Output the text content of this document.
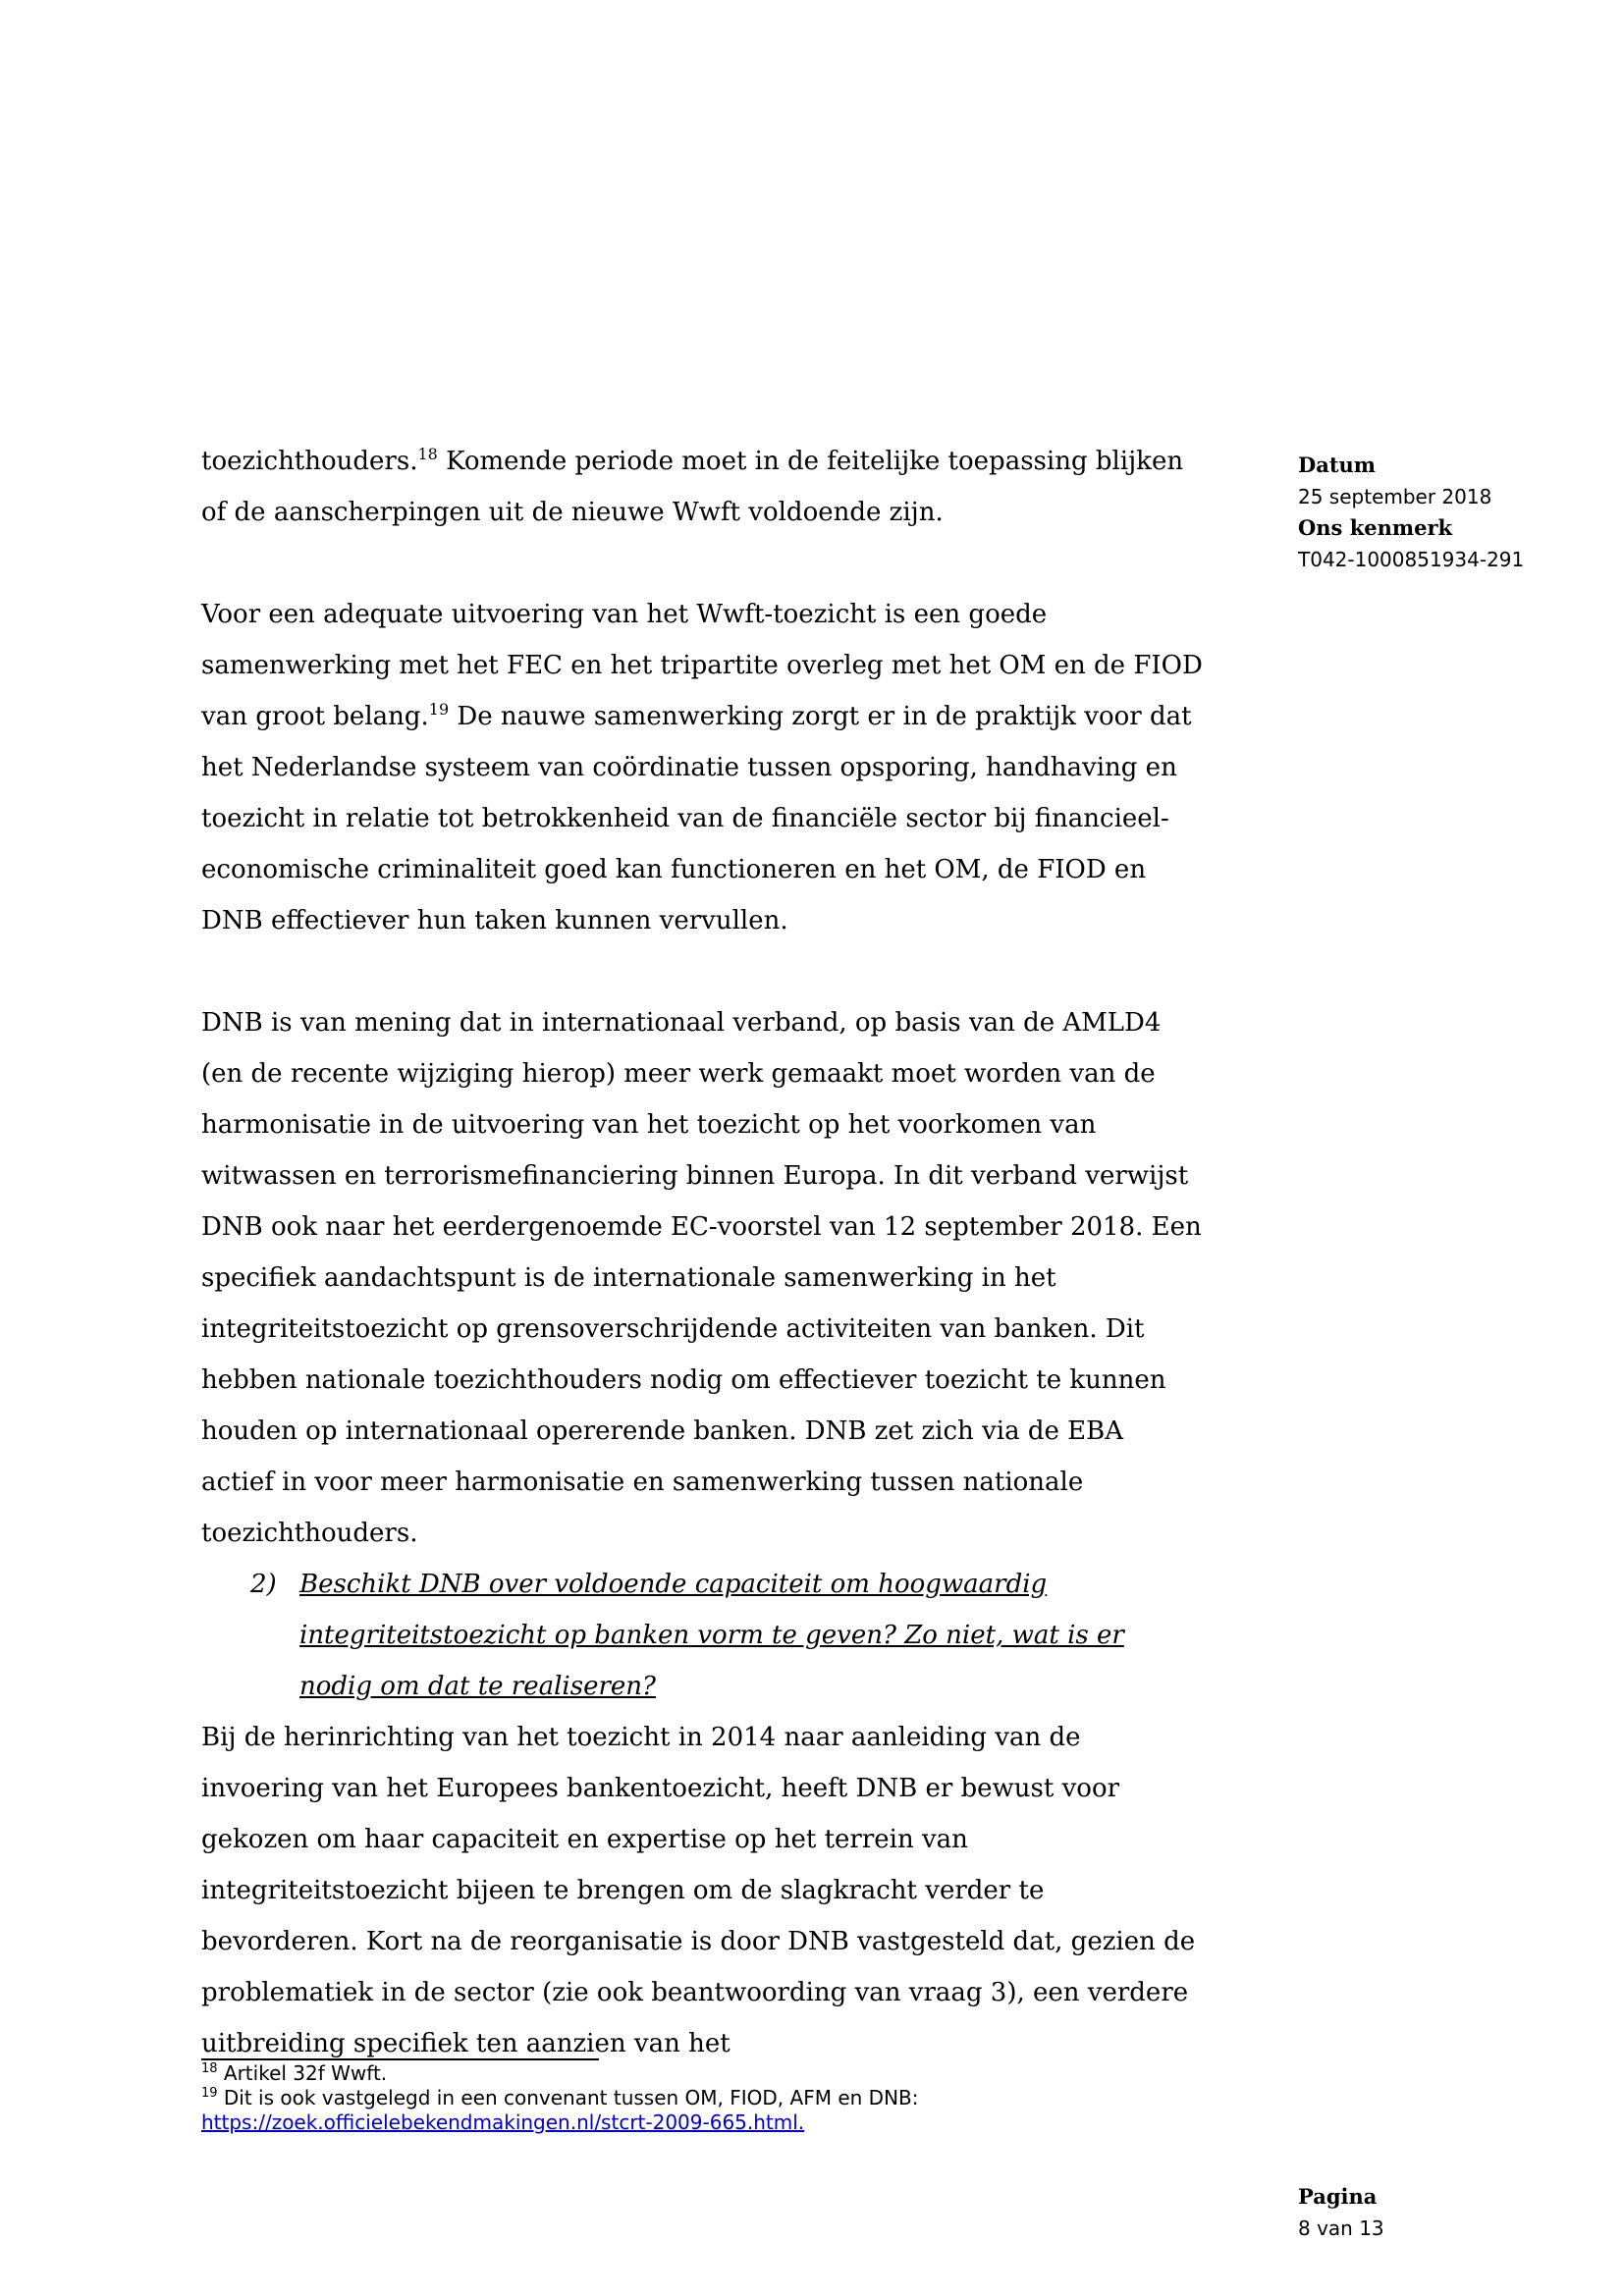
Datum
25 september 2018
Ons kenmerk
T042-1000851934-291

toezichthouders.$^{18}$ Komende periode moet in de feitelijke toepassing blijken of de aanscherpingen uit de nieuwe Wwft voldoende zijn.

Voor een adequate uitvoering van het Wwft-toezicht is een goede samenwerking met het FEC en het tripartite overleg met het OM en de FIOD van groot belang.$^{19}$ De nauwe samenwerking zorgt er in de praktijk voor dat het Nederlandse systeem van coördinatie tussen opsporing, handhaving en toezicht in relatie tot betrokkenheid van de financiële sector bij financieel-economische criminaliteit goed kan functioneren en het OM, de FIOD en DNB effectiever hun taken kunnen vervullen.

DNB is van mening dat in internationaal verband, op basis van de AMLD4 (en de recente wijziging hierop) meer werk gemaakt moet worden van de harmonisatie in de uitvoering van het toezicht op het voorkomen van witwassen en terrorismefinanciering binnen Europa. In dit verband verwijst DNB ook naar het eerdergenoemde EC-voorstel van 12 september 2018. Een specifiek aandachtspunt is de internationale samenwerking in het integriteitstoezicht op grensoverschrijdende activiteiten van banken. Dit hebben nationale toezichthouders nodig om effectiever toezicht te kunnen houden op internationaal opererende banken. DNB zet zich via de EBA actief in voor meer harmonisatie en samenwerking tussen nationale toezichthouders.

2) Beschikt DNB over voldoende capaciteit om hoogwaardig integriteitstoezicht op banken vorm te geven? Zo niet, wat is er nodig om dat te realiseren?

Bij de herinrichting van het toezicht in 2014 naar aanleiding van de invoering van het Europees bankentoezicht, heeft DNB er bewust voor gekozen om haar capaciteit en expertise op het terrein van integriteitstoezicht bijeen te brengen om de slagkracht verder te bevorderen. Kort na de reorganisatie is door DNB vastgesteld dat, gezien de problematiek in de sector (zie ook beantwoording van vraag 3), een verdere uitbreiding specifiek ten aanzien van het

$^{18}$ Artikel 32f Wwft.
$^{19}$ Dit is ook vastgelegd in een convenant tussen OM, FIOD, AFM en DNB:
https://zoek.officielebekendmakingen.nl/stcrt-2009-665.html.
Pagina
8 van 13
